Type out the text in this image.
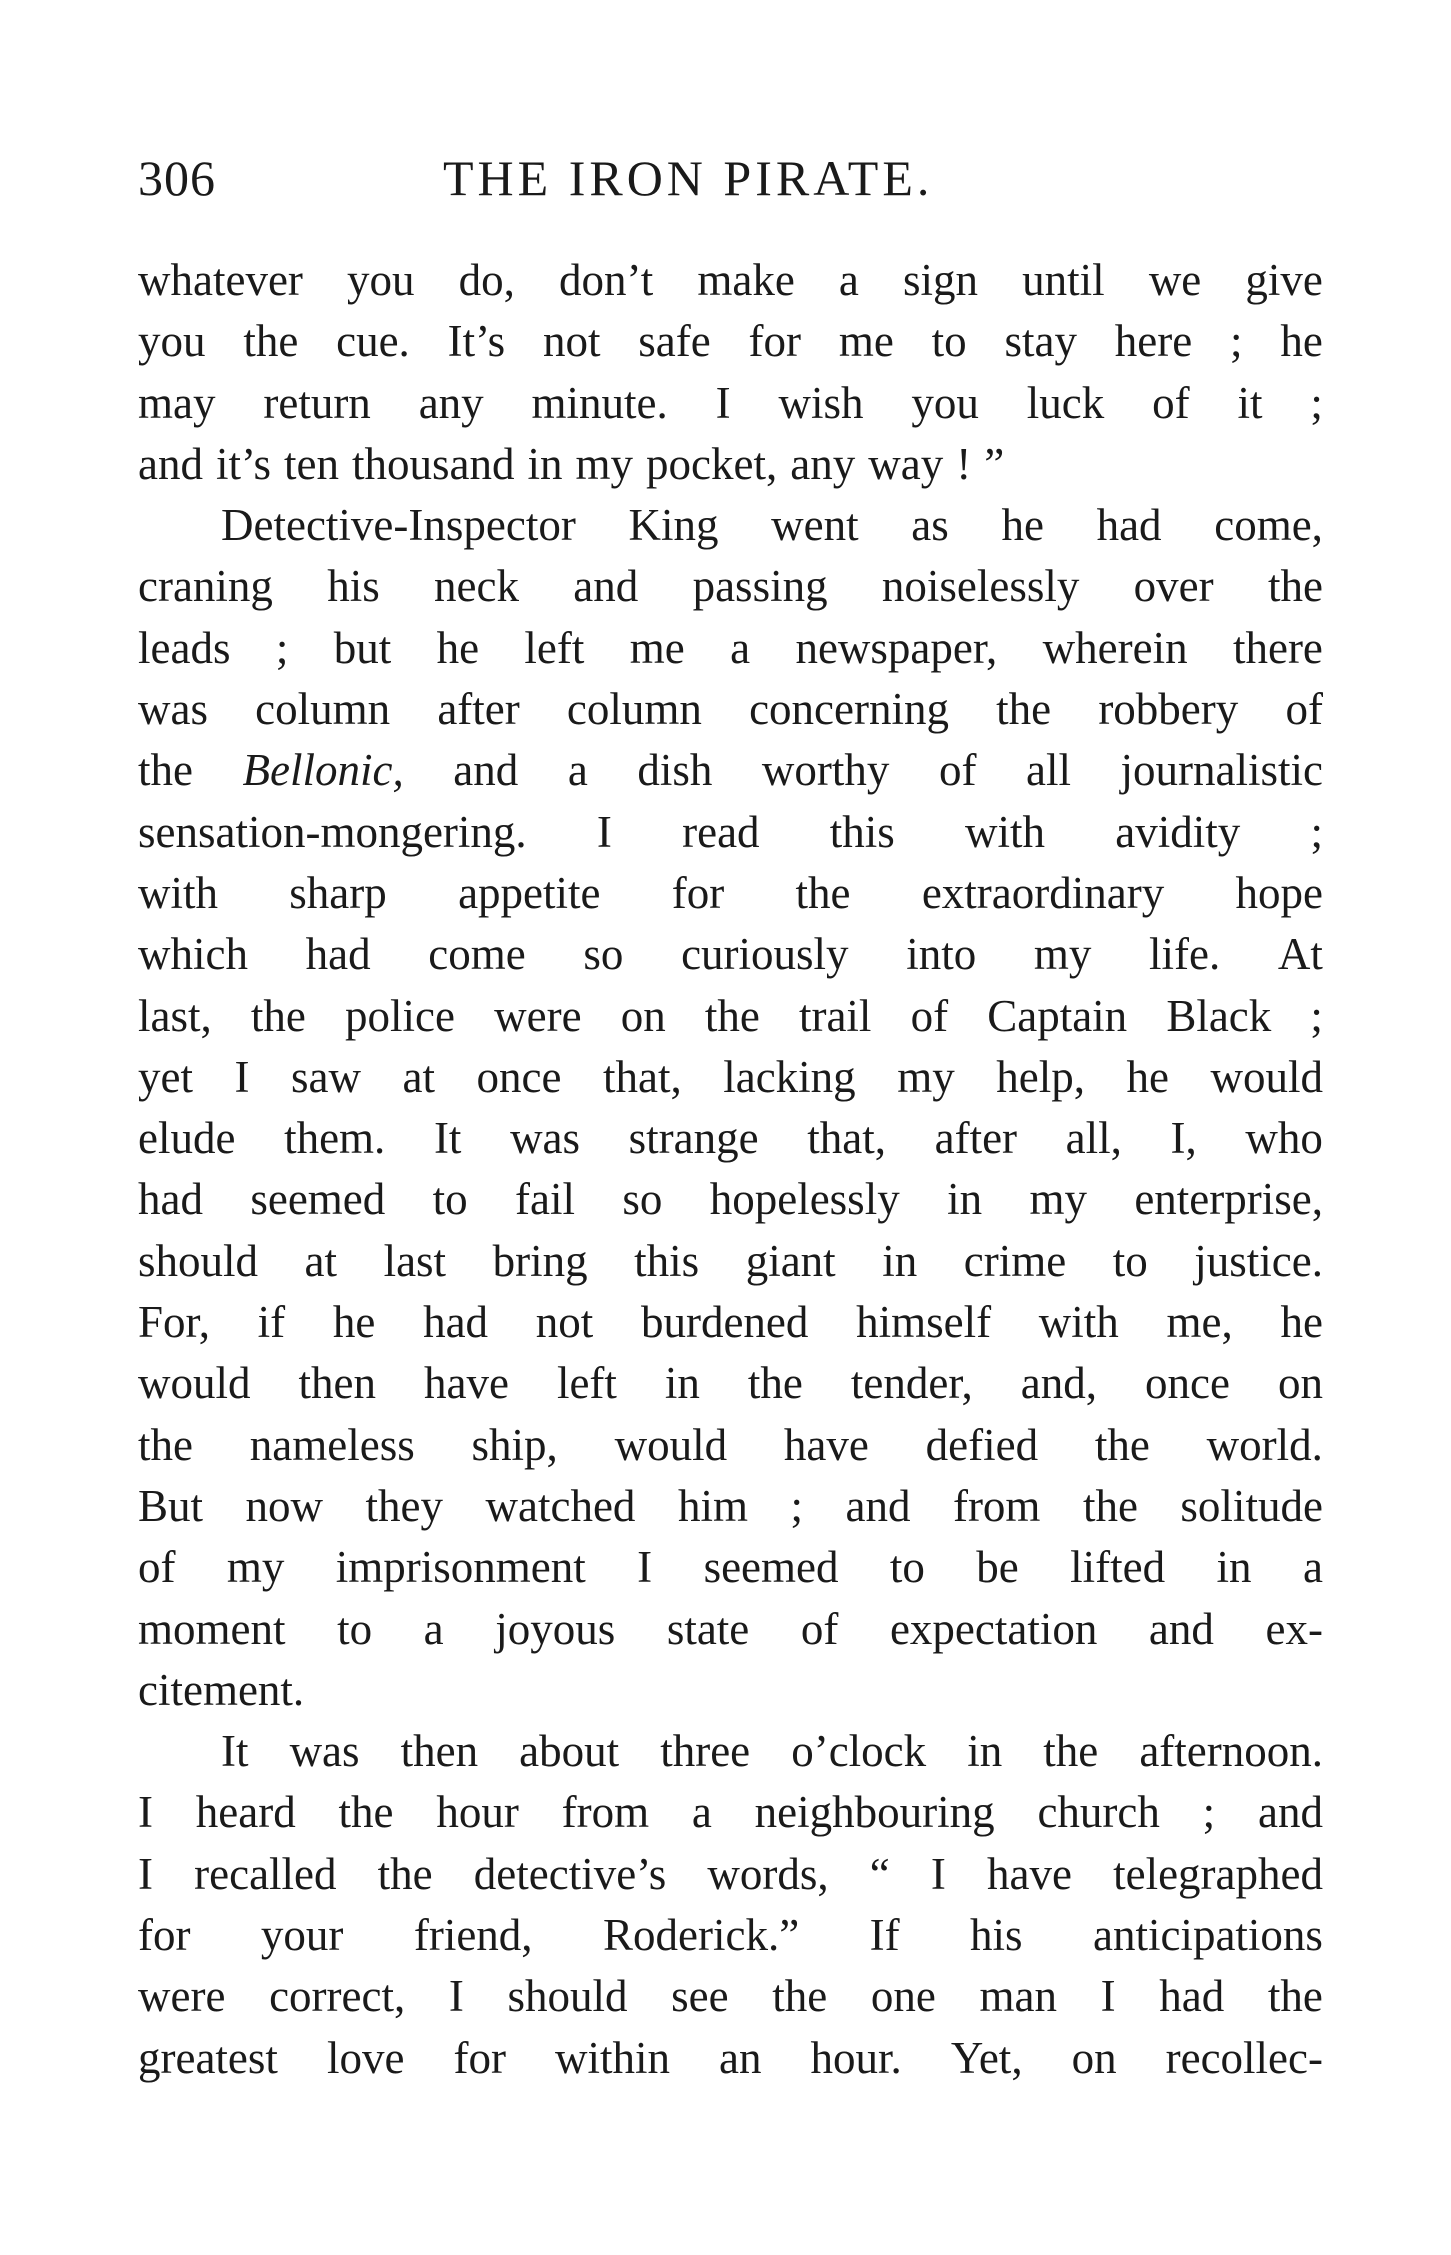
306	THE IRON PIRATE.
whatever you do, don’t make a sign until we give
you the cue. It’s not safe for me to stay here ; he
may return any minute. I wish you luck of it ;
and it’s ten thousand in my pocket, any way ! ”
Detective-Inspector King went as he had come,
craning his neck and passing noiselessly over the
leads ; but he left me a newspaper, wherein there
was column after column concerning the robbery of
the Bellonic, and a dish worthy of all journalistic
sensation-mongering. I read this with avidity ;
with sharp appetite for the extraordinary hope
which had come so curiously into my life. At
last, the police were on the trail of Captain Black ;
yet I saw at once that, lacking my help, he would
elude them. It was strange that, after all, I, who
had seemed to fail so hopelessly in my enterprise,
should at last bring this giant in crime to justice.
For, if he had not burdened himself with me, he
would then have left in the tender, and, once on
the nameless ship, would have defied the world.
But now they watched him ; and from the solitude
of my imprisonment I seemed to be lifted in a
moment to a joyous state of expectation and ex-
citement.
It was then about three o’clock in the afternoon.
I heard the hour from a neighbouring church ; and
I recalled the detective’s words, “ I have telegraphed
for your friend, Roderick.” If his anticipations
were correct, I should see the one man I had the
greatest love for within an hour. Yet, on recollec-
